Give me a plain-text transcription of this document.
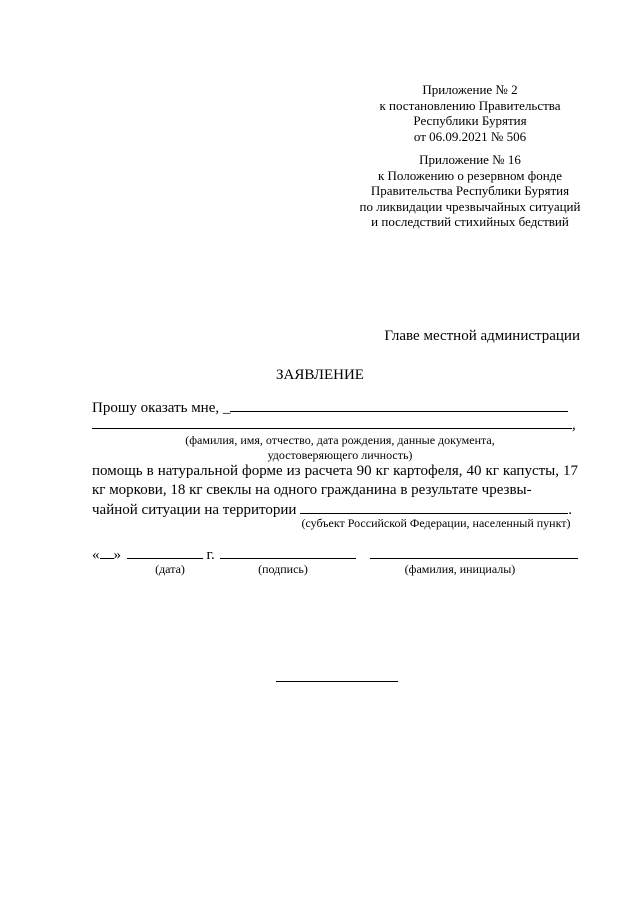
Приложение № 2
к постановлению Правительства
Республики Бурятия
от 06.09.2021 № 506
Приложение № 16
к Положению о резервном фонде
Правительства Республики Бурятия
по ликвидации чрезвычайных ситуаций
и последствий стихийных бедствий
Главе местной администрации
ЗАЯВЛЕНИЕ
Прошу оказать мне, _
,
(фамилия, имя, отчество, дата рождения, данные документа,
удостоверяющего личность)
помощь в натуральной форме из расчета 90 кг картофеля, 40 кг капусты, 17 кг моркови, 18 кг свеклы на одного гражданина в результате чрезвы-
чайной ситуации на территории	.
(субъект Российской Федерации, населенный пункт)
« »	г.
(дата)	(подпись)	(фамилия, инициалы)
